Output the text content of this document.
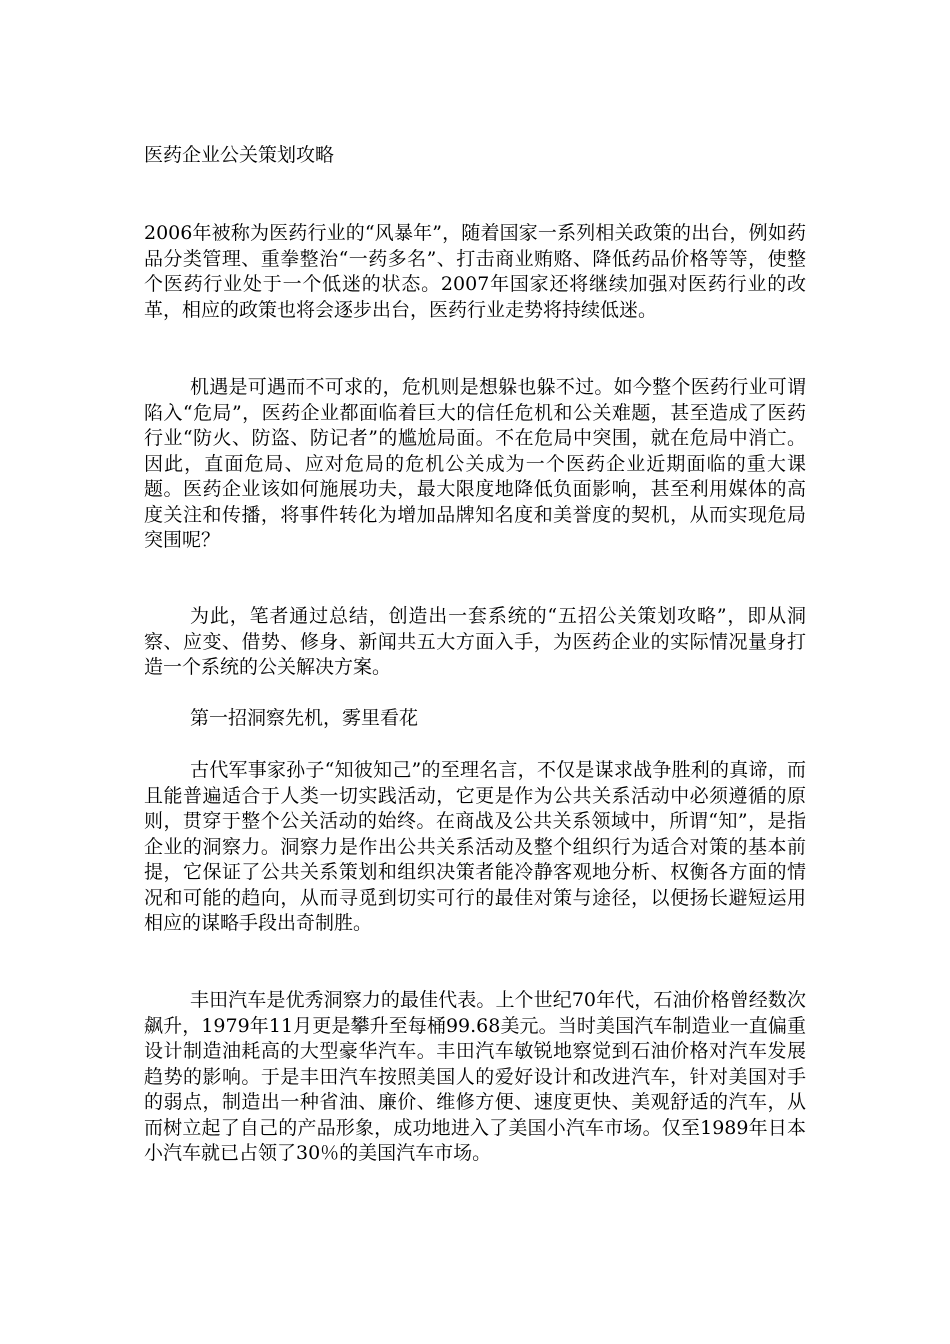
医药企业公关策划攻略

2006年被称为医药行业的“风暴年”，随着国家一系列相关政策的出台，例如药品分类管理、重拳整治“一药多名”、打击商业贿赂、降低药品价格等等，使整个医药行业处于一个低迷的状态。2007年国家还将继续加强对医药行业的改革，相应的政策也将会逐步出台，医药行业走势将持续低迷。

机遇是可遇而不可求的，危机则是想躲也躲不过。如今整个医药行业可谓陷入“危局”，医药企业都面临着巨大的信任危机和公关难题，甚至造成了医药行业“防火、防盗、防记者”的尴尬局面。不在危局中突围，就在危局中消亡。因此，直面危局、应对危局的危机公关成为一个医药企业近期面临的重大课题。医药企业该如何施展功夫，最大限度地降低负面影响，甚至利用媒体的高度关注和传播，将事件转化为增加品牌知名度和美誉度的契机，从而实现危局突围呢？

为此，笔者通过总结，创造出一套系统的“五招公关策划攻略”，即从洞察、应变、借势、修身、新闻共五大方面入手，为医药企业的实际情况量身打造一个系统的公关解决方案。

第一招洞察先机，雾里看花

古代军事家孙子“知彼知己”的至理名言，不仅是谋求战争胜利的真谛，而且能普遍适合于人类一切实践活动，它更是作为公共关系活动中必须遵循的原则，贯穿于整个公关活动的始终。在商战及公共关系领域中，所谓“知”，是指企业的洞察力。洞察力是作出公共关系活动及整个组织行为适合对策的基本前提，它保证了公共关系策划和组织决策者能冷静客观地分析、权衡各方面的情况和可能的趋向，从而寻觅到切实可行的最佳对策与途径，以便扬长避短运用相应的谋略手段出奇制胜。

丰田汽车是优秀洞察力的最佳代表。上个世纪70年代，石油价格曾经数次飙升，1979年11月更是攀升至每桶99.68美元。当时美国汽车制造业一直偏重设计制造油耗高的大型豪华汽车。丰田汽车敏锐地察觉到石油价格对汽车发展趋势的影响。于是丰田汽车按照美国人的爱好设计和改进汽车，针对美国对手的弱点，制造出一种省油、廉价、维修方便、速度更快、美观舒适的汽车，从而树立起了自己的产品形象，成功地进入了美国小汽车市场。仅至1989年日本小汽车就已占领了30％的美国汽车市场。
